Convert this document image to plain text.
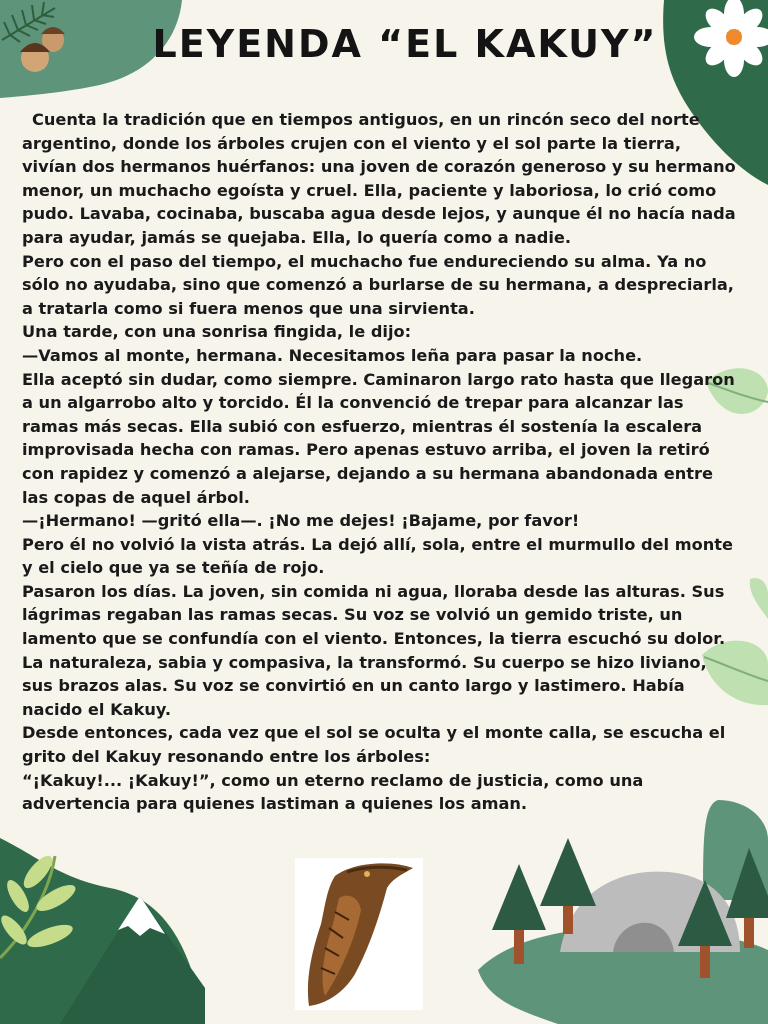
LEYENDA “EL KAKUY”

Cuenta la tradición que en tiempos antiguos, en un rincón seco del norte argentino, donde los árboles crujen con el viento y el sol parte la tierra, vivían dos hermanos huérfanos: una joven de corazón generoso y su hermano menor, un muchacho egoísta y cruel. Ella, paciente y laboriosa, lo crió como pudo. Lavaba, cocinaba, buscaba agua desde lejos, y aunque él no hacía nada para ayudar, jamás se quejaba. Ella, lo quería como a nadie.

Pero con el paso del tiempo, el muchacho fue endureciendo su alma. Ya no sólo no ayudaba, sino que comenzó a burlarse de su hermana, a despreciarla, a tratarla como si fuera menos que una sirvienta.

Una tarde, con una sonrisa fingida, le dijo:

—Vamos al monte, hermana. Necesitamos leña para pasar la noche.

Ella aceptó sin dudar, como siempre. Caminaron largo rato hasta que llegaron a un algarrobo alto y torcido. Él la convenció de trepar para alcanzar las ramas más secas. Ella subió con esfuerzo, mientras él sostenía la escalera improvisada hecha con ramas. Pero apenas estuvo arriba, el joven la retiró con rapidez y comenzó a alejarse, dejando a su hermana abandonada entre las copas de aquel árbol.

—¡Hermano! —gritó ella—. ¡No me dejes! ¡Bajame, por favor!

Pero él no volvió la vista atrás. La dejó allí, sola, entre el murmullo del monte y el cielo que ya se teñía de rojo.

Pasaron los días. La joven, sin comida ni agua, lloraba desde las alturas. Sus lágrimas regaban las ramas secas. Su voz se volvió un gemido triste, un lamento que se confundía con el viento. Entonces, la tierra escuchó su dolor. La naturaleza, sabia y compasiva, la transformó. Su cuerpo se hizo liviano, sus brazos alas. Su voz se convirtió en un canto largo y lastimero. Había nacido el Kakuy.

Desde entonces, cada vez que el sol se oculta y el monte calla, se escucha el grito del Kakuy resonando entre los árboles:

“¡Kakuy!... ¡Kakuy!”, como un eterno reclamo de justicia, como una advertencia para quienes lastiman a quienes los aman.
